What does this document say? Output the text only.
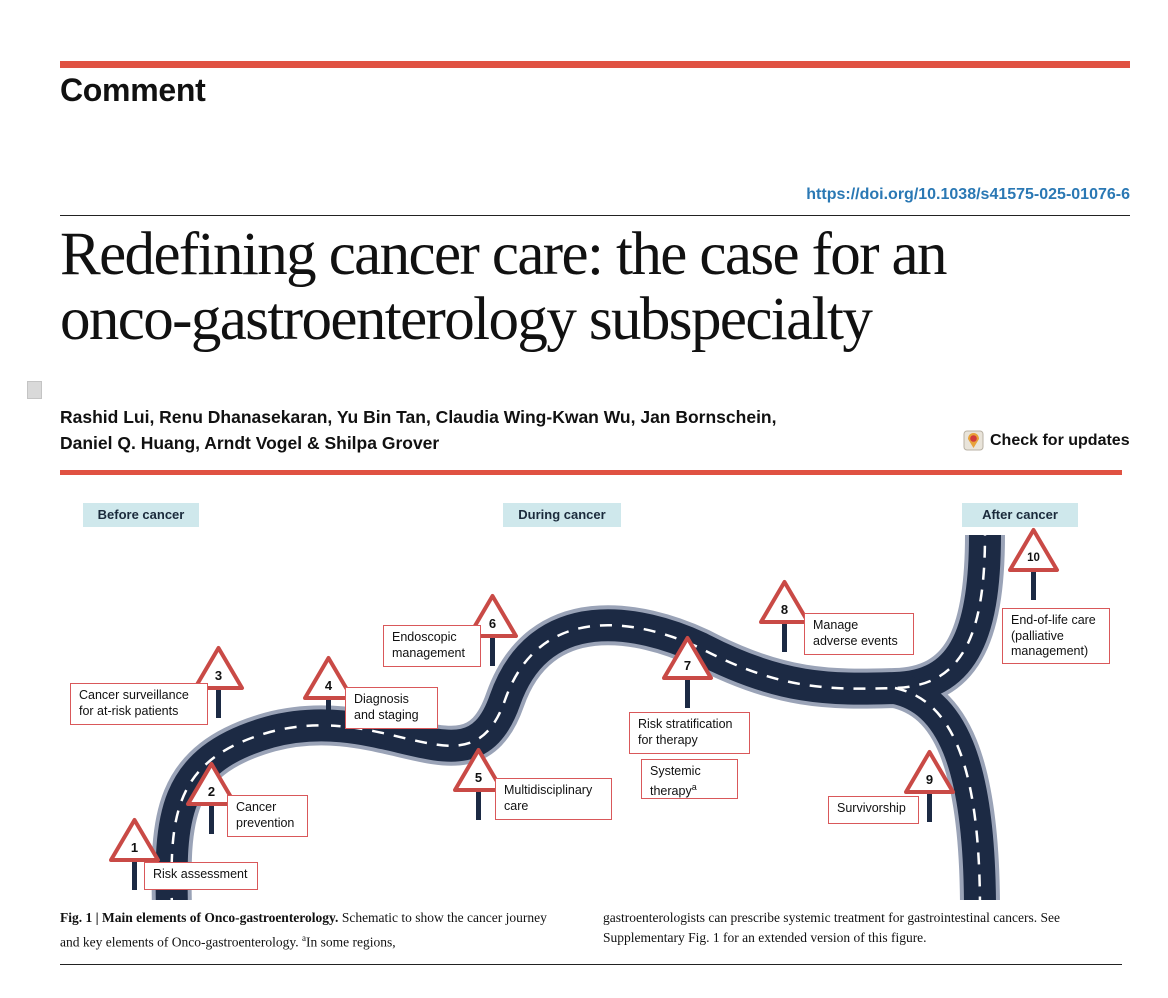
Comment
https://doi.org/10.1038/s41575-025-01076-6
Redefining cancer care: the case for an
onco-gastroenterology subspecialty
Rashid Lui, Renu Dhanasekaran, Yu Bin Tan, Claudia Wing-Kwan Wu, Jan Bornschein,
Daniel Q. Huang, Arndt Vogel & Shilpa Grover	Check for updates
Before cancer	During cancer	After cancer
1
2
3
4
5
6
7
8
9
10
Risk assessment
Cancer
prevention
Cancer surveillance
for at-risk patients
Diagnosis
and staging
Multidisciplinary
care
Endoscopic
management
Risk stratification
for therapy
Systemic
therapy$^a$
Manage
adverse events
Survivorship
End-of-life care
(palliative
management)
Fig. 1 | Main elements of Onco-gastroenterology. Schematic to show the cancer journey and key elements of Onco-gastroenterology. $^a$In some regions,
gastroenterologists can prescribe systemic treatment for gastrointestinal cancers. See Supplementary Fig. 1 for an extended version of this figure.
